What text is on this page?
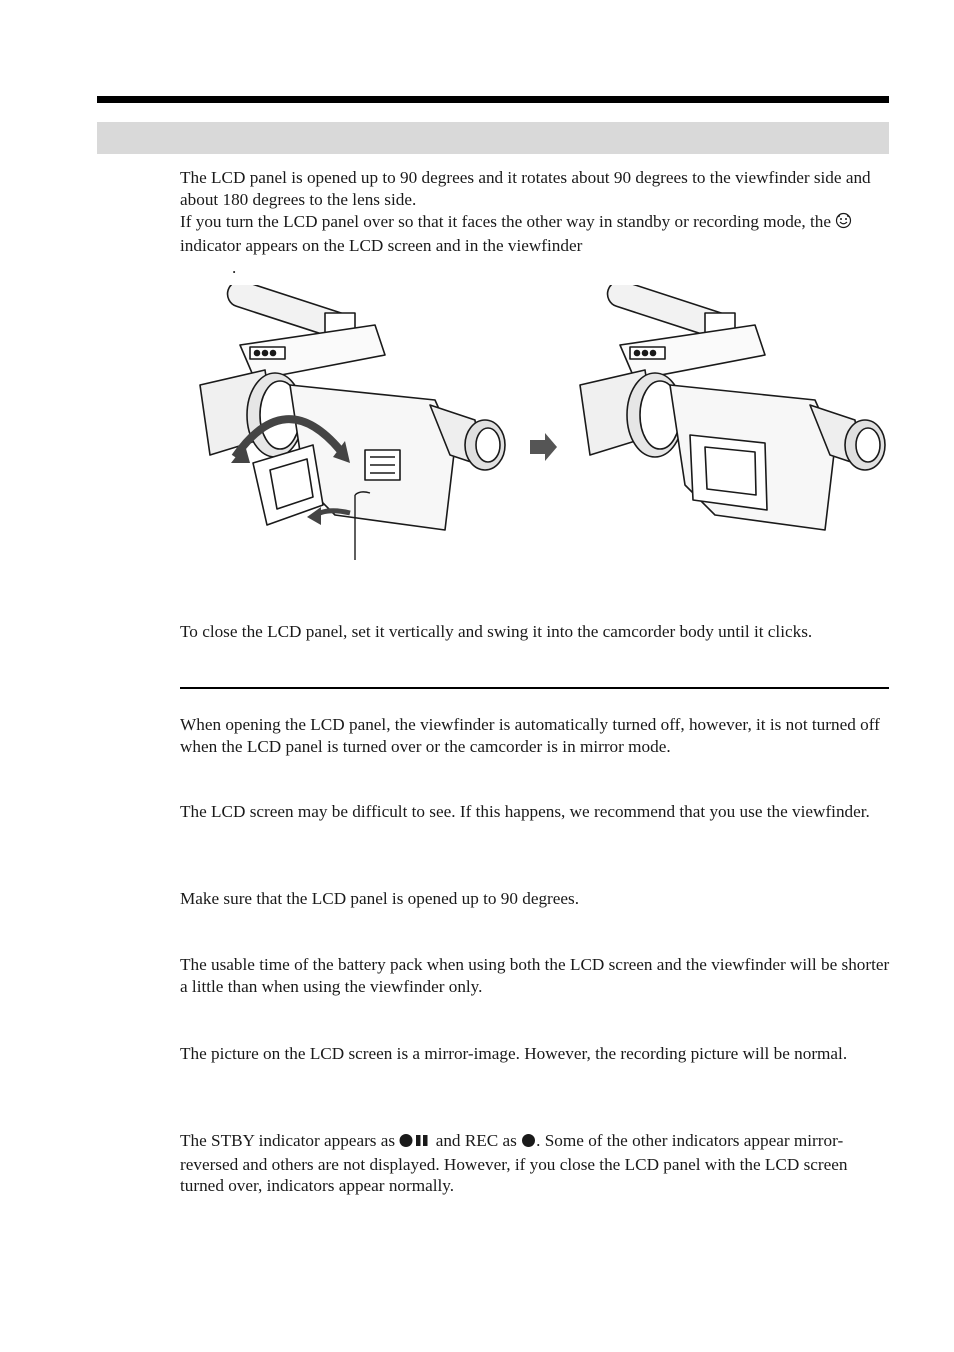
The LCD panel is opened up to 90 degrees and it rotates about 90 degrees to the viewfinder side and about 180 degrees to the lens side.

If you turn the LCD panel over so that it faces the other way in standby or recording mode, the  indicator appears on the LCD screen and in the viewfinder

.

To close the LCD panel, set it vertically and swing it into the camcorder body until it clicks.

When opening the LCD panel, the viewfinder is automatically turned off, however, it is not turned off when the LCD panel is turned over or the camcorder is in mirror mode.

The LCD screen may be difficult to see. If this happens, we recommend that you use the viewfinder.

Make sure that the LCD panel is opened up to 90 degrees.

The usable time of the battery pack when using both the LCD screen and the viewfinder will be shorter a little than when using the viewfinder only.

The picture on the LCD screen is a mirror-image. However, the recording picture will be normal.

The STBY indicator appears as  and REC as . Some of the other indicators appear mirror-reversed and others are not displayed. However, if you close the LCD panel with the LCD screen turned over, indicators appear normally.
